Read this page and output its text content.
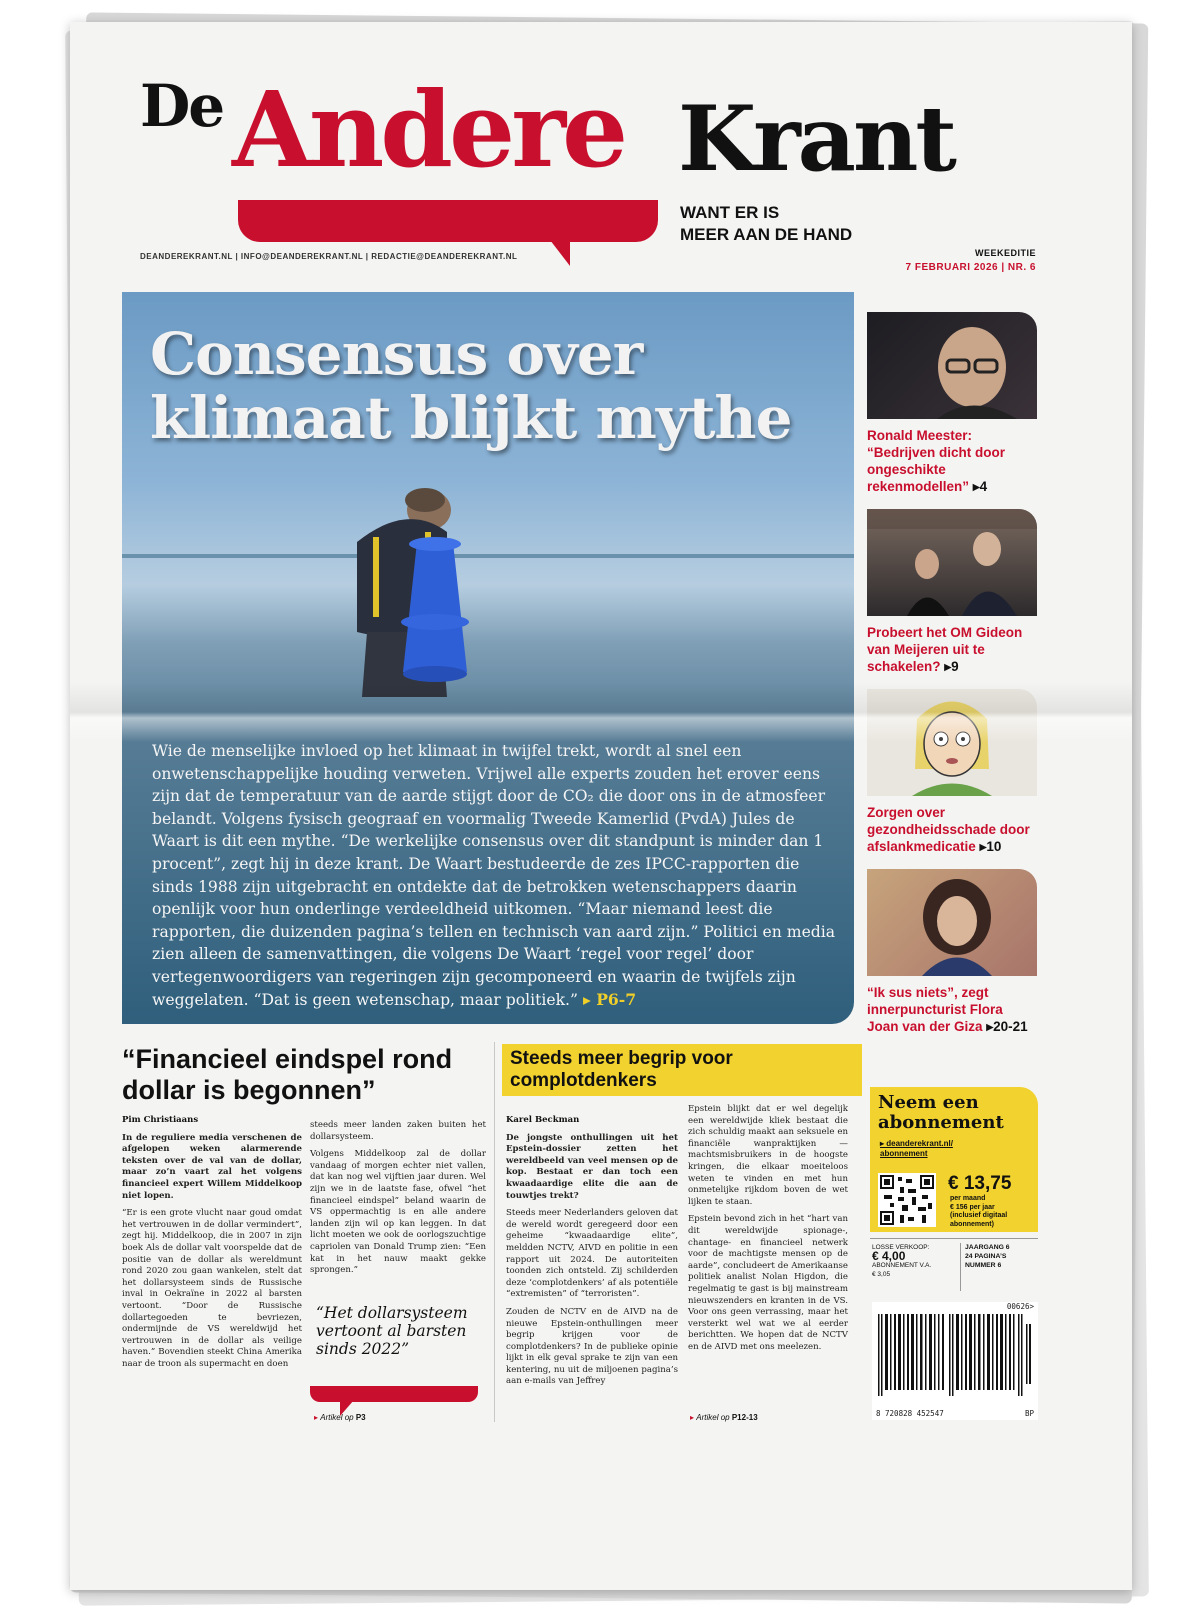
De Andere Krant
WANT ER IS
MEER AAN DE HAND
DEANDEREKRANT.NL | INFO@DEANDEREKRANT.NL | REDACTIE@DEANDEREKRANT.NL	WEEKEDITIE
7 FEBRUARI 2026 | NR. 6
Consensus over
klimaat blijkt mythe
Wie de menselijke invloed op het klimaat in twijfel trekt, wordt al snel een onwetenschappelijke houding verweten. Vrijwel alle experts zouden het erover eens zijn dat de temperatuur van de aarde stijgt door de CO₂ die door ons in de atmosfeer belandt. Volgens fysisch geograaf en voormalig Tweede Kamerlid (PvdA) Jules de Waart is dit een mythe. “De werkelijke consensus over dit standpunt is minder dan 1 procent”, zegt hij in deze krant. De Waart bestudeerde de zes IPCC-rapporten die sinds 1988 zijn uitgebracht en ontdekte dat de betrokken wetenschappers daarin openlijk voor hun onderlinge verdeeldheid uitkomen. “Maar niemand leest die rapporten, die duizenden pagina’s tellen en technisch van aard zijn.” Politici en media zien alleen de samenvattingen, die volgens De Waart ‘regel voor regel’ door vertegenwoordigers van regeringen zijn gecomponeerd en waarin de twijfels zijn weggelaten. “Dat is geen wetenschap, maar politiek.” ▸ P6-7
Ronald Meester: “Bedrijven dicht door ongeschikte rekenmodellen” ▸4
Probeert het OM Gideon van Meijeren uit te schakelen? ▸9
Zorgen over gezondheidsschade door afslankmedicatie ▸10
“Ik sus niets”, zegt innerpuncturist Flora Joan van der Giza ▸20-21
“Financieel eindspel rond dollar is begonnen”

Pim Christiaans

In de reguliere media verschenen de afgelopen weken alarmerende teksten over de val van de dollar, maar zo’n vaart zal het volgens financieel expert Willem Middelkoop niet lopen.

“Er is een grote vlucht naar goud omdat het vertrouwen in de dollar vermindert”, zegt hij. Middelkoop, die in 2007 in zijn boek Als de dollar valt voorspelde dat de positie van de dollar als wereldmunt rond 2020 zou gaan wankelen, stelt dat het dollarsysteem sinds de Russische inval in Oekraïne in 2022 al barsten vertoont. “Door de Russische dollartegoeden te bevriezen, ondermijnde de VS wereldwijd het vertrouwen in de dollar als veilige haven.” Bovendien steekt China Amerika naar de troon als supermacht en doen

steeds meer landen zaken buiten het dollarsysteem.

Volgens Middelkoop zal de dollar vandaag of morgen echter niet vallen, dat kan nog wel vijftien jaar duren. Wel zijn we in de laatste fase, ofwel “het financieel eindspel” beland waarin de VS oppermachtig is en alle andere landen zijn wil op kan leggen. In dat licht moeten we ook de oorlogszuchtige capriolen van Donald Trump zien: “Een kat in het nauw maakt gekke sprongen.”

“Het dollarsysteem vertoont al barsten sinds 2022”
▸ Artikel op P3
Steeds meer begrip voor complotdenkers

Karel Beckman

De jongste onthullingen uit het Epstein-dossier zetten het wereldbeeld van veel mensen op de kop. Bestaat er dan toch een kwaadaardige elite die aan de touwtjes trekt?

Steeds meer Nederlanders geloven dat de wereld wordt geregeerd door een geheime “kwaadaardige elite”, meldden NCTV, AIVD en politie in een rapport uit 2024. De autoriteiten toonden zich ontsteld. Zij schilderden deze ‘complotdenkers’ af als potentiële “extremisten” of “terroristen”.

Zouden de NCTV en de AIVD na de nieuwe Epstein-onthullingen meer begrip krijgen voor de complotdenkers? In de publieke opinie lijkt in elk geval sprake te zijn van een kentering, nu uit de miljoenen pagina’s aan e-mails van Jeffrey

Epstein blijkt dat er wel degelijk een wereldwijde kliek bestaat die zich schuldig maakt aan seksuele en financiële wanpraktijken — machtsmisbruikers in de hoogste kringen, die elkaar moeiteloos weten te vinden en met hun onmetelijke rijkdom boven de wet lijken te staan.

Epstein bevond zich in het “hart van dit wereldwijde spionage-, chantage- en financieel netwerk voor de machtigste mensen op de aarde”, concludeert de Amerikaanse politiek analist Nolan Higdon, die regelmatig te gast is bij mainstream nieuwszenders en kranten in de VS. Voor ons geen verrassing, maar het versterkt wel wat we al eerder berichtten. We hopen dat de NCTV en de AIVD met ons meelezen.

▸ Artikel op P12-13
Neem een abonnement
▸ deanderekrant.nl/
abonnement
€ 13,75
per maand
€ 156 per jaar
(inclusief digitaal
abonnement)
LOSSE VERKOOP:
€ 4,00
ABONNEMENT V.A.
€ 3,05
JAARGANG 6
24 PAGINA’S
NUMMER 6
00626>
8 720828 452547	BP
